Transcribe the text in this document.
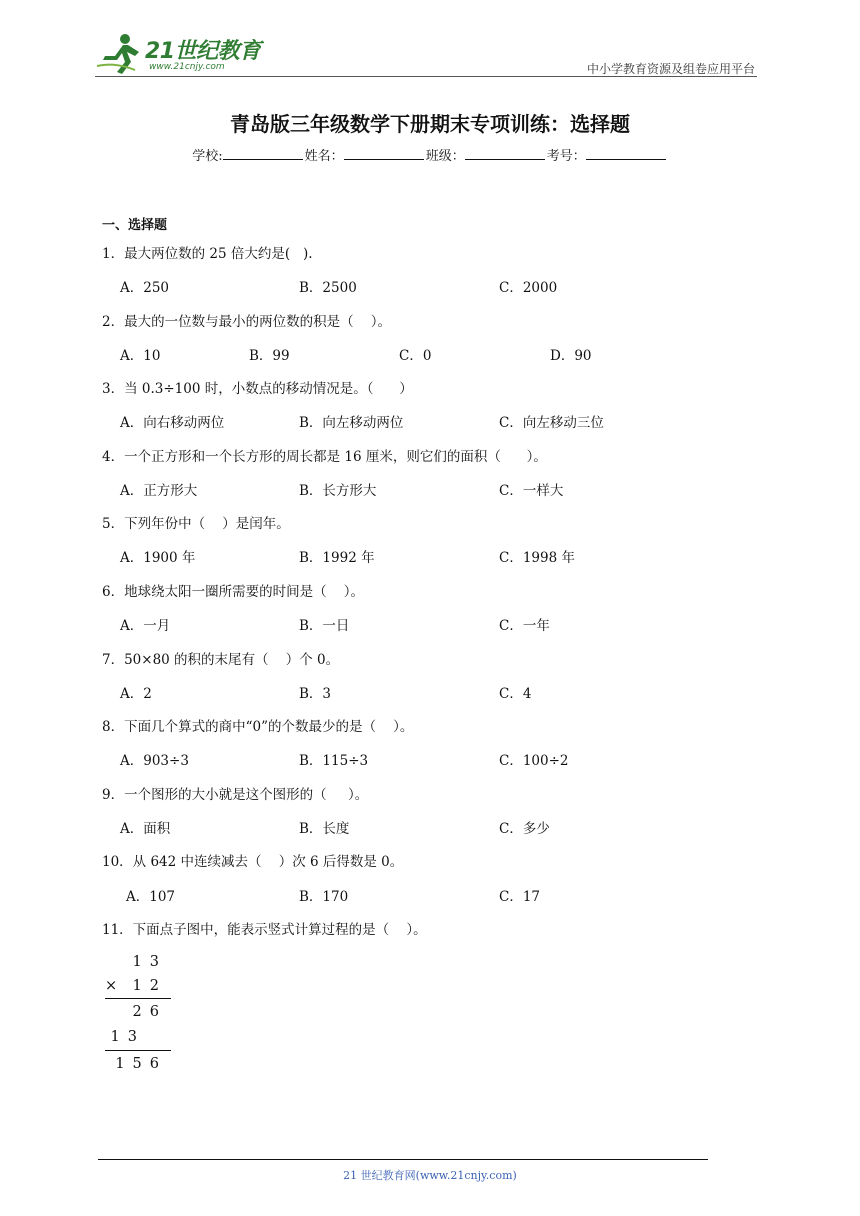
21世纪教育
www.21cnjy.com	中小学教育资源及组卷应用平台
青岛版三年级数学下册期末专项训练：选择题
学校:	姓名：	班级：	考号：
一、选择题
1．最大两位数的 25 倍大约是(   ).
A．250	B．2500	C．2000
2．最大的一位数与最小的两位数的积是（    ）。
A．10	B．99	C．0	D．90
3．当 0.3÷100 时，小数点的移动情况是。（      ）
A．向右移动两位	B．向左移动两位	C．向左移动三位
4．一个正方形和一个长方形的周长都是 16 厘米，则它们的面积（      ）。
A．正方形大	B．长方形大	C．一样大
5．下列年份中（    ）是闰年。
A．1900 年	B．1992 年	C．1998 年
6．地球绕太阳一圈所需要的时间是（    ）。
A．一月	B．一日	C．一年
7．50×80 的积的末尾有（    ）个 0。
A．2	B．3	C．4
8．下面几个算式的商中“0”的个数最少的是（    ）。
A．903÷3	B．115÷3	C．100÷2
9．一个图形的大小就是这个图形的（     ）。
A．面积	B．长度	C．多少
10．从 642 中连续减去（    ）次 6 后得数是 0。
A．107	B．170	C．17
11．下面点子图中，能表示竖式计算过程的是（    ）。
13
× 12
26
13
156
21 世纪教育网(www.21cnjy.com)
